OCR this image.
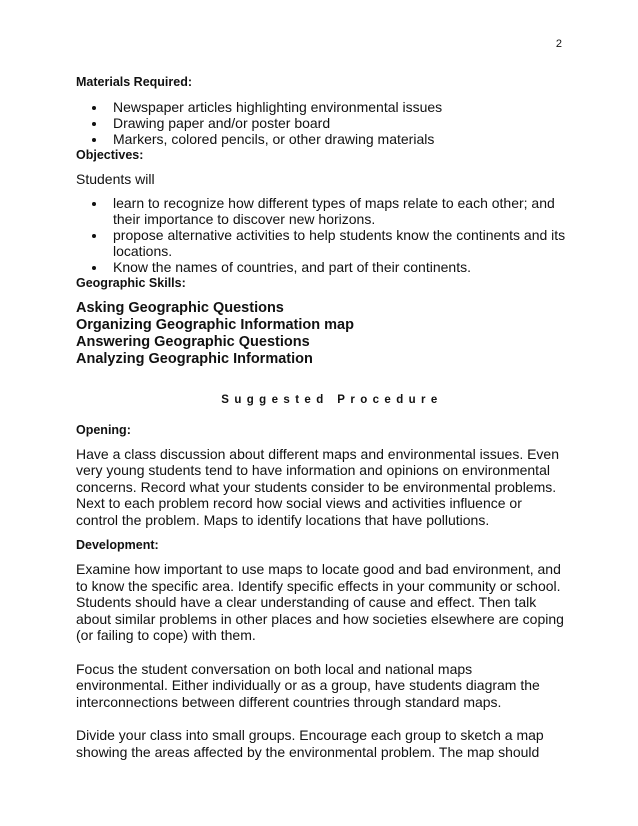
2

Materials Required:

Newspaper articles highlighting environmental issues
Drawing paper and/or poster board
Markers, colored pencils, or other drawing materials

Objectives:

Students will

learn to recognize how different types of maps relate to each other; and their importance to discover new horizons.
propose alternative activities to help students know the continents and its locations.
Know the names of countries, and part of their continents.

Geographic Skills:

Asking Geographic Questions

Organizing Geographic Information map

Answering Geographic Questions

Analyzing Geographic Information

Suggested Procedure

Opening:

Have a class discussion about different maps and environmental issues. Even very young students tend to have information and opinions on environmental concerns. Record what your students consider to be environmental problems. Next to each problem record how social views and activities influence or control the problem. Maps to identify locations that have pollutions.

Development:

Examine how important to use maps to locate good and bad environment, and to know the specific area. Identify specific effects in your community or school. Students should have a clear understanding of cause and effect. Then talk about similar problems in other places and how societies elsewhere are coping (or failing to cope) with them.

Focus the student conversation on both local and national maps environmental. Either individually or as a group, have students diagram the interconnections between different countries through standard maps.

Divide your class into small groups. Encourage each group to sketch a map showing the areas affected by the environmental problem. The map should
